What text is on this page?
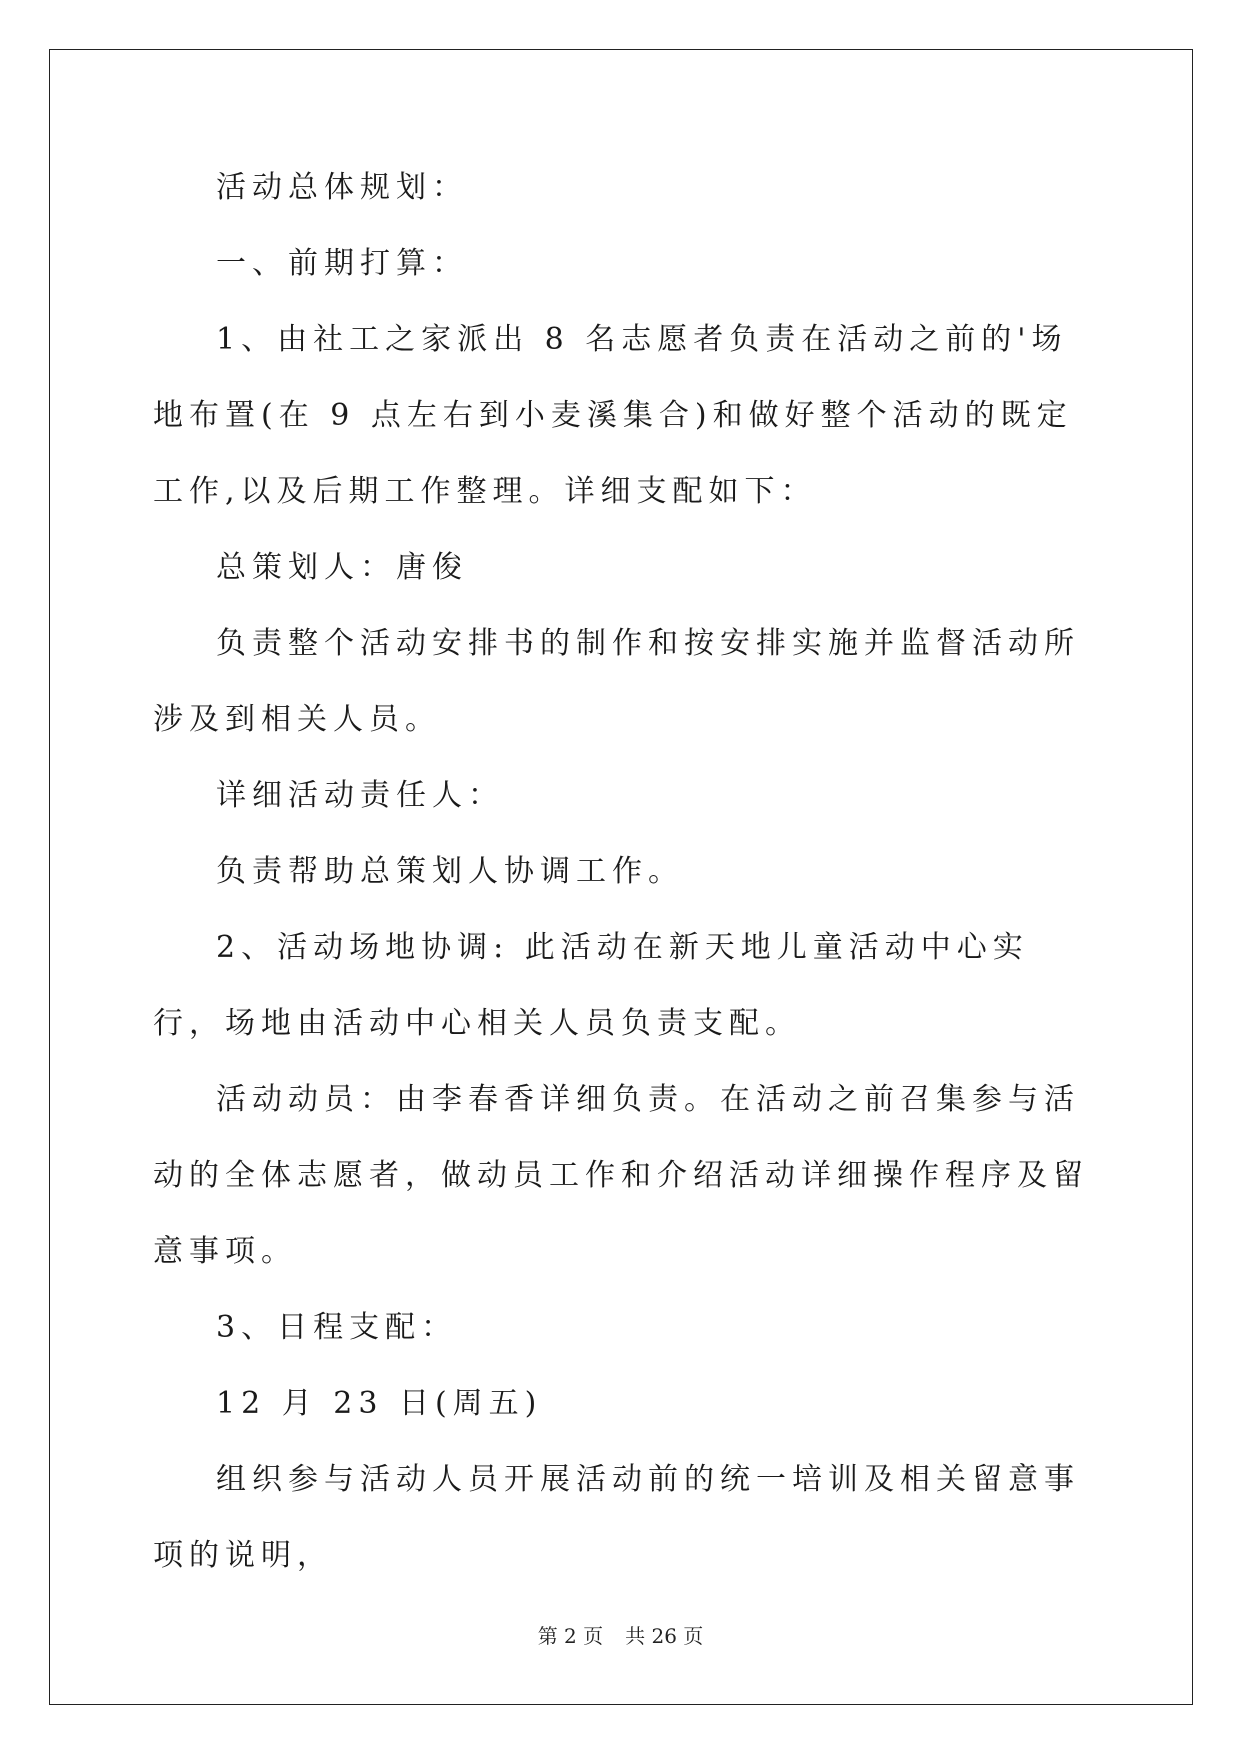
活动总体规划：

一、前期打算：

1、由社工之家派出 8 名志愿者负责在活动之前的'场地布置(在 9 点左右到小麦溪集合)和做好整个活动的既定工作,以及后期工作整理。详细支配如下：

总策划人：唐俊

负责整个活动安排书的制作和按安排实施并监督活动所涉及到相关人员。

详细活动责任人：

负责帮助总策划人协调工作。

2、活动场地协调: 此活动在新天地儿童活动中心实行，场地由活动中心相关人员负责支配。

活动动员：由李春香详细负责。在活动之前召集参与活动的全体志愿者，做动员工作和介绍活动详细操作程序及留意事项。

3、日程支配：

12 月 23 日(周五)

组织参与活动人员开展活动前的统一培训及相关留意事项的说明，

第 2 页 共 26 页
